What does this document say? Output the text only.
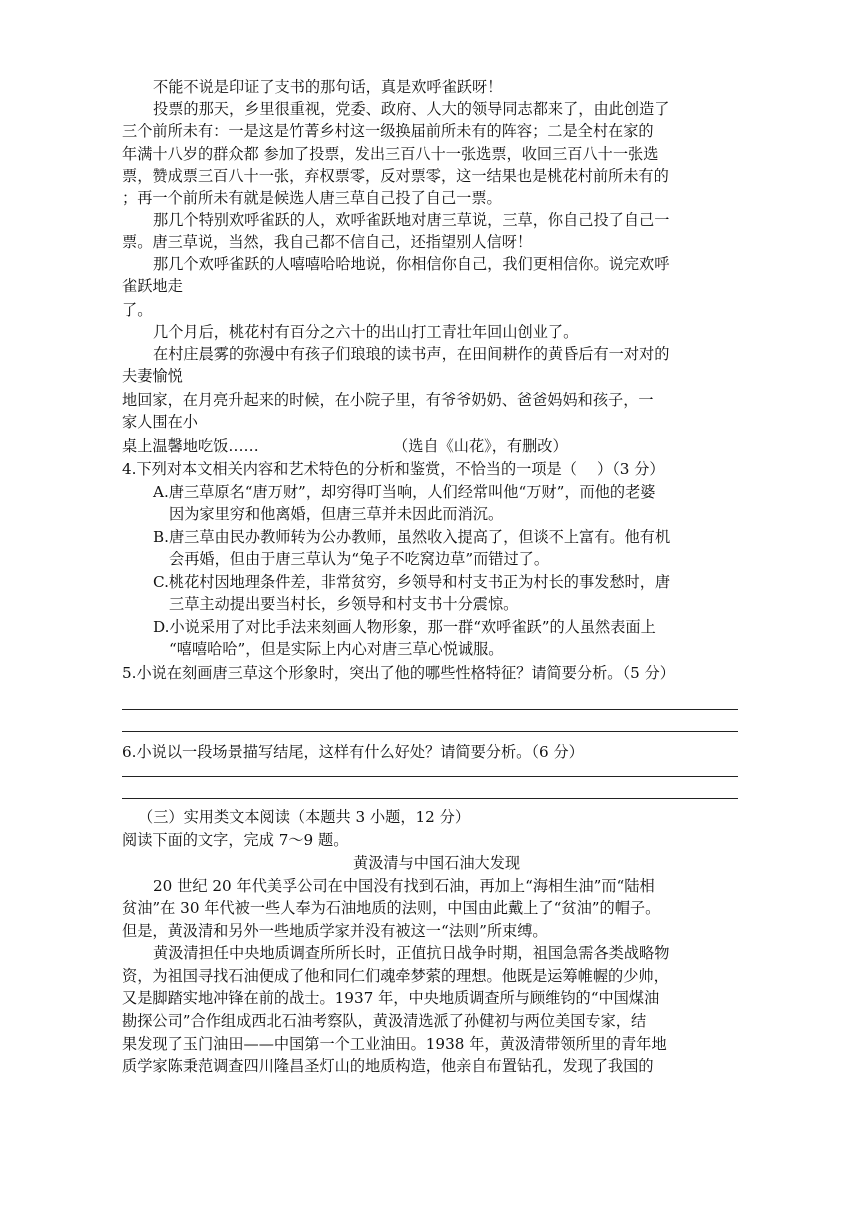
不能不说是印证了支书的那句话，真是欢呼雀跃呀！
投票的那天，乡里很重视，党委、政府、人大的领导同志都来了，由此创造了
三个前所未有：一是这是竹菁乡村这一级换届前所未有的阵容；二是全村在家的
年满十八岁的群众都 参加了投票，发出三百八十一张选票，收回三百八十一张选
票，赞成票三百八十一张，弃权票零，反对票零，这一结果也是桃花村前所未有的
；再一个前所未有就是候选人唐三草自己投了自己一票。
那几个特别欢呼雀跃的人，欢呼雀跃地对唐三草说，三草，你自己投了自己一
票。唐三草说，当然，我自己都不信自己，还指望别人信呀！
那几个欢呼雀跃的人嘻嘻哈哈地说，你相信你自己，我们更相信你。说完欢呼
雀跃地走
了。
几个月后，桃花村有百分之六十的出山打工青壮年回山创业了。
在村庄晨雾的弥漫中有孩子们琅琅的读书声，在田间耕作的黄昏后有一对对的
夫妻愉悦
地回家，在月亮升起来的时候，在小院子里，有爷爷奶奶、爸爸妈妈和孩子，一
家人围在小
桌上温馨地吃饭……	（选自《山花》，有删改）
4.下列对本文相关内容和艺术特色的分析和鉴赏，不恰当的一项是（　 ）（3 分）
A.唐三草原名“唐万财”，却穷得叮当响，人们经常叫他“万财”，而他的老婆
因为家里穷和他离婚，但唐三草并未因此而消沉。
B.唐三草由民办教师转为公办教师，虽然收入提高了，但谈不上富有。他有机
会再婚，但由于唐三草认为“兔子不吃窝边草”而错过了。
C.桃花村因地理条件差，非常贫穷，乡领导和村支书正为村长的事发愁时，唐
三草主动提出要当村长，乡领导和村支书十分震惊。
D.小说采用了对比手法来刻画人物形象，那一群“欢呼雀跃”的人虽然表面上
“嘻嘻哈哈”，但是实际上内心对唐三草心悦诚服。
5.小说在刻画唐三草这个形象时，突出了他的哪些性格特征？请简要分析。（5 分）
6.小说以一段场景描写结尾，这样有什么好处？请简要分析。（6 分）
（三）实用类文本阅读（本题共 3 小题，12 分）
阅读下面的文字，完成 7～9 题。
黄汲清与中国石油大发现
20 世纪 20 年代美孚公司在中国没有找到石油，再加上“海相生油”而“陆相
贫油”在 30 年代被一些人奉为石油地质的法则，中国由此戴上了“贫油”的帽子。
但是，黄汲清和另外一些地质学家并没有被这一“法则”所束缚。
黄汲清担任中央地质调查所所长时，正值抗日战争时期，祖国急需各类战略物
资，为祖国寻找石油便成了他和同仁们魂牵梦萦的理想。他既是运筹帷幄的少帅，
又是脚踏实地冲锋在前的战士。1937 年，中央地质调查所与顾维钧的“中国煤油
勘探公司”合作组成西北石油考察队，黄汲清选派了孙健初与两位美国专家，结
果发现了玉门油田——中国第一个工业油田。1938 年，黄汲清带领所里的青年地
质学家陈秉范调查四川隆昌圣灯山的地质构造，他亲自布置钻孔，发现了我国的
